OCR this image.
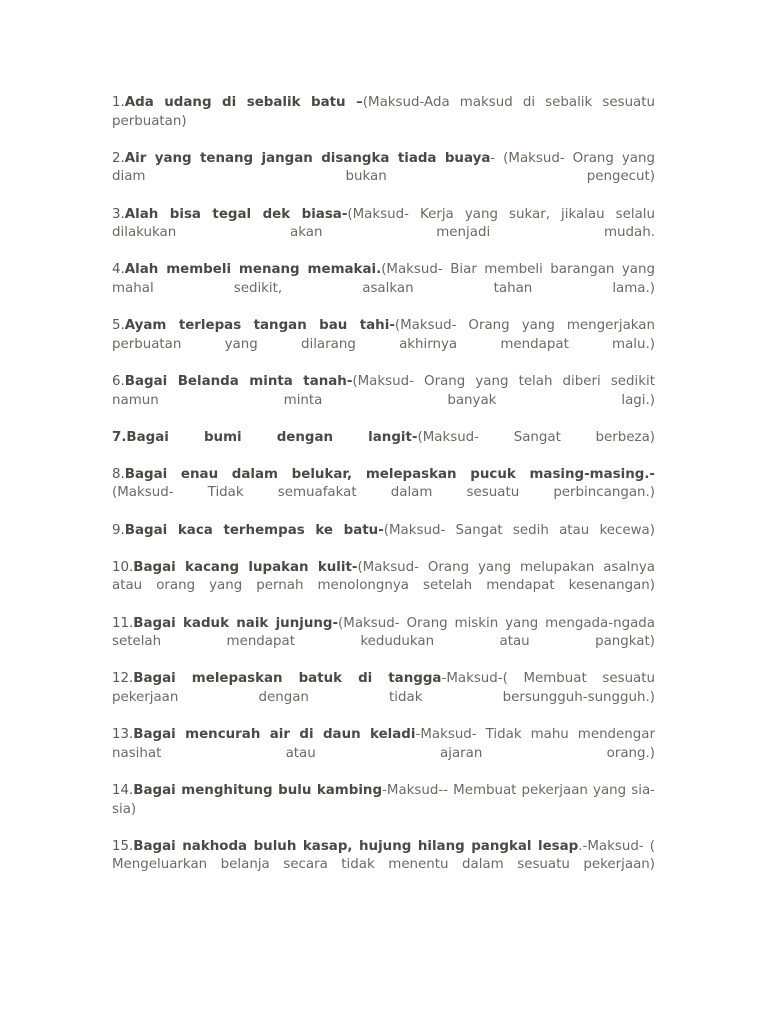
1.Ada udang di sebalik batu –(Maksud-Ada maksud di sebalik sesuatu perbuatan)

2.Air yang tenang jangan disangka tiada buaya- (Maksud- Orang yang diam bukan pengecut)

3.Alah bisa tegal dek biasa-(Maksud- Kerja yang sukar, jikalau selalu dilakukan akan menjadi mudah.

4.Alah membeli menang memakai.(Maksud- Biar membeli barangan yang mahal sedikit, asalkan tahan lama.)

5.Ayam terlepas tangan bau tahi-(Maksud- Orang yang mengerjakan perbuatan yang dilarang akhirnya mendapat malu.)

6.Bagai Belanda minta tanah-(Maksud- Orang yang telah diberi sedikit namun minta banyak lagi.)

7.Bagai bumi dengan langit-(Maksud- Sangat berbeza)

8.Bagai enau dalam belukar, melepaskan pucuk masing-masing.-(Maksud- Tidak semuafakat dalam sesuatu perbincangan.)

9.Bagai kaca terhempas ke batu-(Maksud- Sangat sedih atau kecewa)

10.Bagai kacang lupakan kulit-(Maksud- Orang yang melupakan asalnya atau orang yang pernah menolongnya setelah mendapat kesenangan)

11.Bagai kaduk naik junjung-(Maksud- Orang miskin yang mengada-ngada setelah mendapat kedudukan atau pangkat)

12.Bagai melepaskan batuk di tangga-Maksud-( Membuat sesuatu pekerjaan dengan tidak bersungguh-sungguh.)

13.Bagai mencurah air di daun keladi-Maksud- Tidak mahu mendengar nasihat atau ajaran orang.)

14.Bagai menghitung bulu kambing-Maksud-- Membuat pekerjaan yang sia-sia)

15.Bagai nakhoda buluh kasap, hujung hilang pangkal lesap.-Maksud- ( Mengeluarkan belanja secara tidak menentu dalam sesuatu pekerjaan)
